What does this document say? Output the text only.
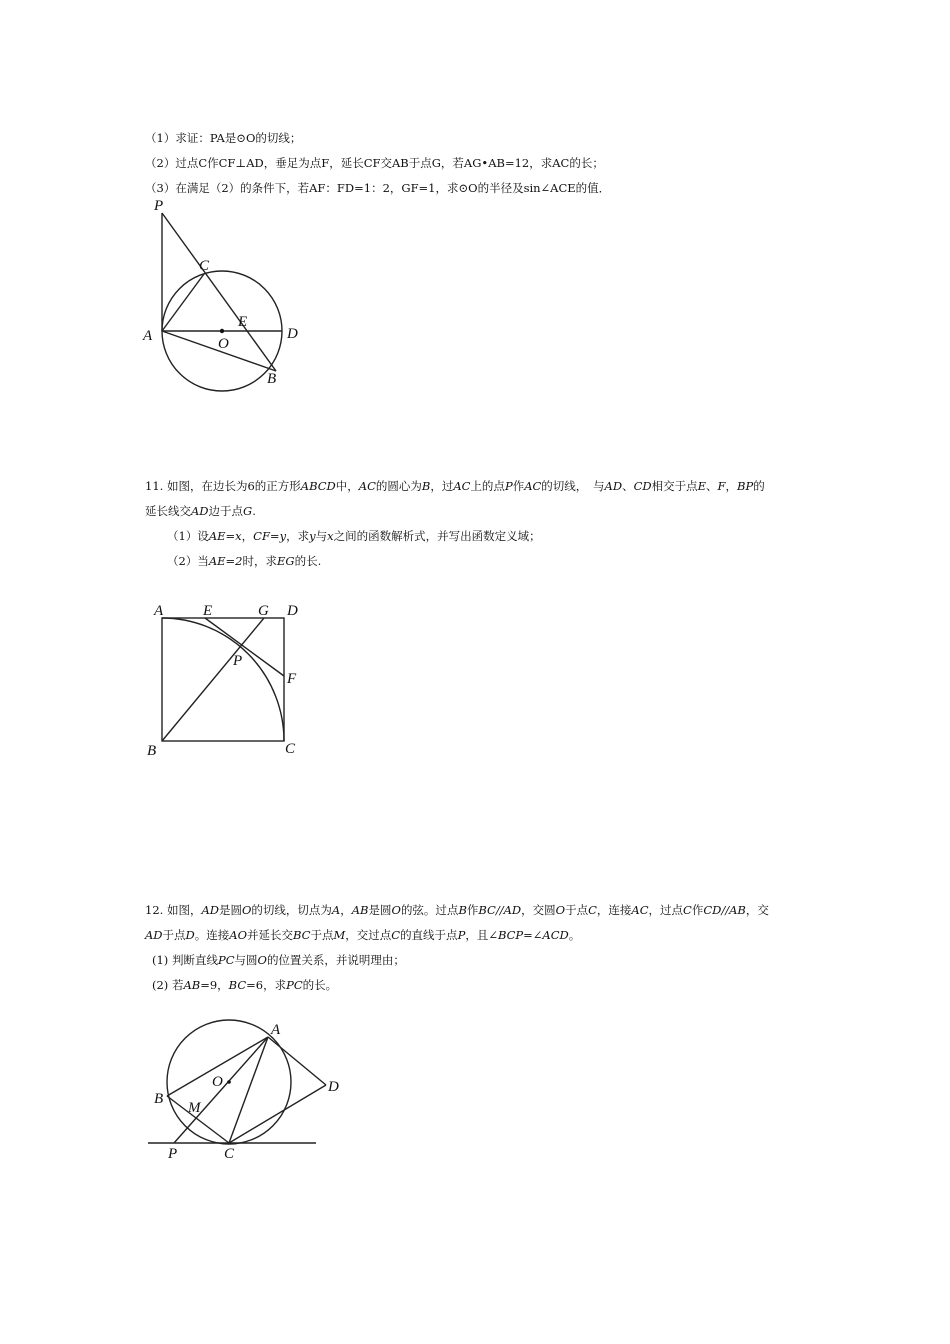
（1）求证：PA是⊙O的切线；
（2）过点C作CF⊥AD，垂足为点F，延长CF交AB于点G，若AG•AB=12，求AC的长；
（3）在满足（2）的条件下，若AF：FD=1：2，GF=1，求⊙O的半径及sin∠ACE的值．
P
C
A
E
D
O
B
11. 如图，在边长为6的正方形ABCD中，AC的圆心为B，过AC上的点P作AC的切线，　与AD、CD相交于点E、F，BP的
延长线交AD边于点G.
（1）设AE=x，CF=y，求y与x之间的函数解析式，并写出函数定义域；
（2）当AE=2时，求EG的长.
A	E	G D
P
F
B	C
12. 如图，AD是圆O的切线，切点为A，AB是圆O的弦。过点B作BC//AD，交圆O于点C，连接AC，过点C作CD//AB，交
AD于点D。连接AO并延长交BC于点M，交过点C的直线于点P，且∠BCP=∠ACD。
(1) 判断直线PC与圆O的位置关系，并说明理由；
(2) 若AB=9，BC=6，求PC的长。
A
O	D
B
M
P	C
